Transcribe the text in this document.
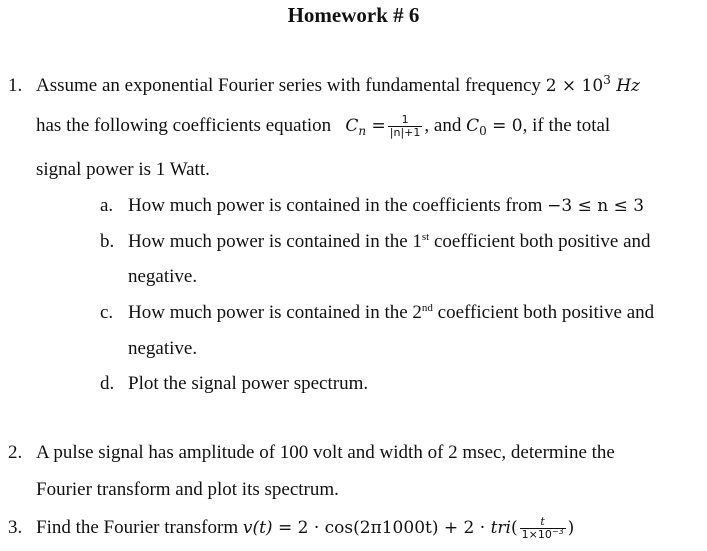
Homework # 6
1. Assume an exponential Fourier series with fundamental frequency $2 \times 10^3$ Hz
has the following coefficients equation $C_n = \frac{1}{|n|+1}$ , and $C_0 = 0$, if the total
signal power is 1 Watt.
a. How much power is contained in the coefficients from −3 ≤ n ≤ 3
b. How much power is contained in the 1st coefficient both positive and
negative.
c. How much power is contained in the 2nd coefficient both positive and
negative.
d. Plot the signal power spectrum.
2. A pulse signal has amplitude of 100 volt and width of 2 msec, determine the
Fourier transform and plot its spectrum.
3. Find the Fourier transform $v(t) = 2 \cdot \cos(2\pi 1000t) + 2 \cdot tri( \frac{t}{1\times 10^{-3}}$ )
